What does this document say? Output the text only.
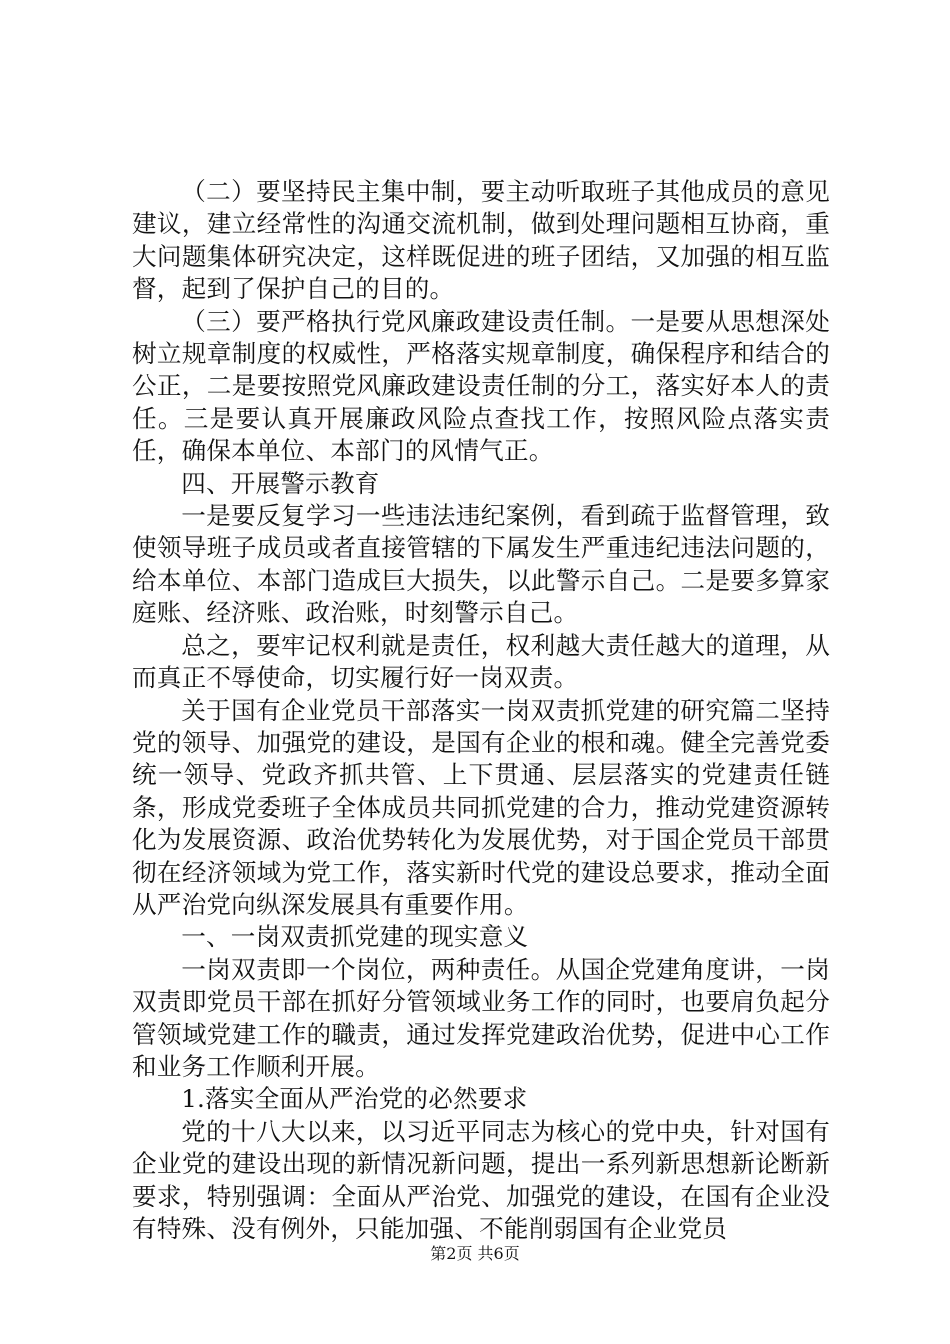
（二）要坚持民主集中制，要主动听取班子其他成员的意见建议，建立经常性的沟通交流机制，做到处理问题相互协商，重大问题集体研究决定，这样既促进的班子团结，又加强的相互监督，起到了保护自己的目的。

（三）要严格执行党风廉政建设责任制。一是要从思想深处树立规章制度的权威性，严格落实规章制度，确保程序和结合的公正，二是要按照党风廉政建设责任制的分工，落实好本人的责任。三是要认真开展廉政风险点查找工作，按照风险点落实责任，确保本单位、本部门的风情气正。

四、开展警示教育

一是要反复学习一些违法违纪案例，看到疏于监督管理，致使领导班子成员或者直接管辖的下属发生严重违纪违法问题的，给本单位、本部门造成巨大损失，以此警示自己。二是要多算家庭账、经济账、政治账，时刻警示自己。

总之，要牢记权利就是责任，权利越大责任越大的道理，从而真正不辱使命，切实履行好一岗双责。

关于国有企业党员干部落实一岗双责抓党建的研究篇二坚持党的领导、加强党的建设，是国有企业的根和魂。健全完善党委统一领导、党政齐抓共管、上下贯通、层层落实的党建责任链条，形成党委班子全体成员共同抓党建的合力，推动党建资源转化为发展资源、政治优势转化为发展优势，对于国企党员干部贯彻在经济领域为党工作，落实新时代党的建设总要求，推动全面从严治党向纵深发展具有重要作用。

一、一岗双责抓党建的现实意义

一岗双责即一个岗位，两种责任。从国企党建角度讲，一岗双责即党员干部在抓好分管领域业务工作的同时，也要肩负起分管领域党建工作的職责，通过发挥党建政治优势，促进中心工作和业务工作顺利开展。

1.落实全面从严治党的必然要求

党的十八大以来，以习近平同志为核心的党中央，针对国有企业党的建设出现的新情况新问题，提出一系列新思想新论断新要求，特别强调：全面从严治党、加强党的建设，在国有企业没有特殊、没有例外，只能加强、不能削弱国有企业党员

第2页 共6页
